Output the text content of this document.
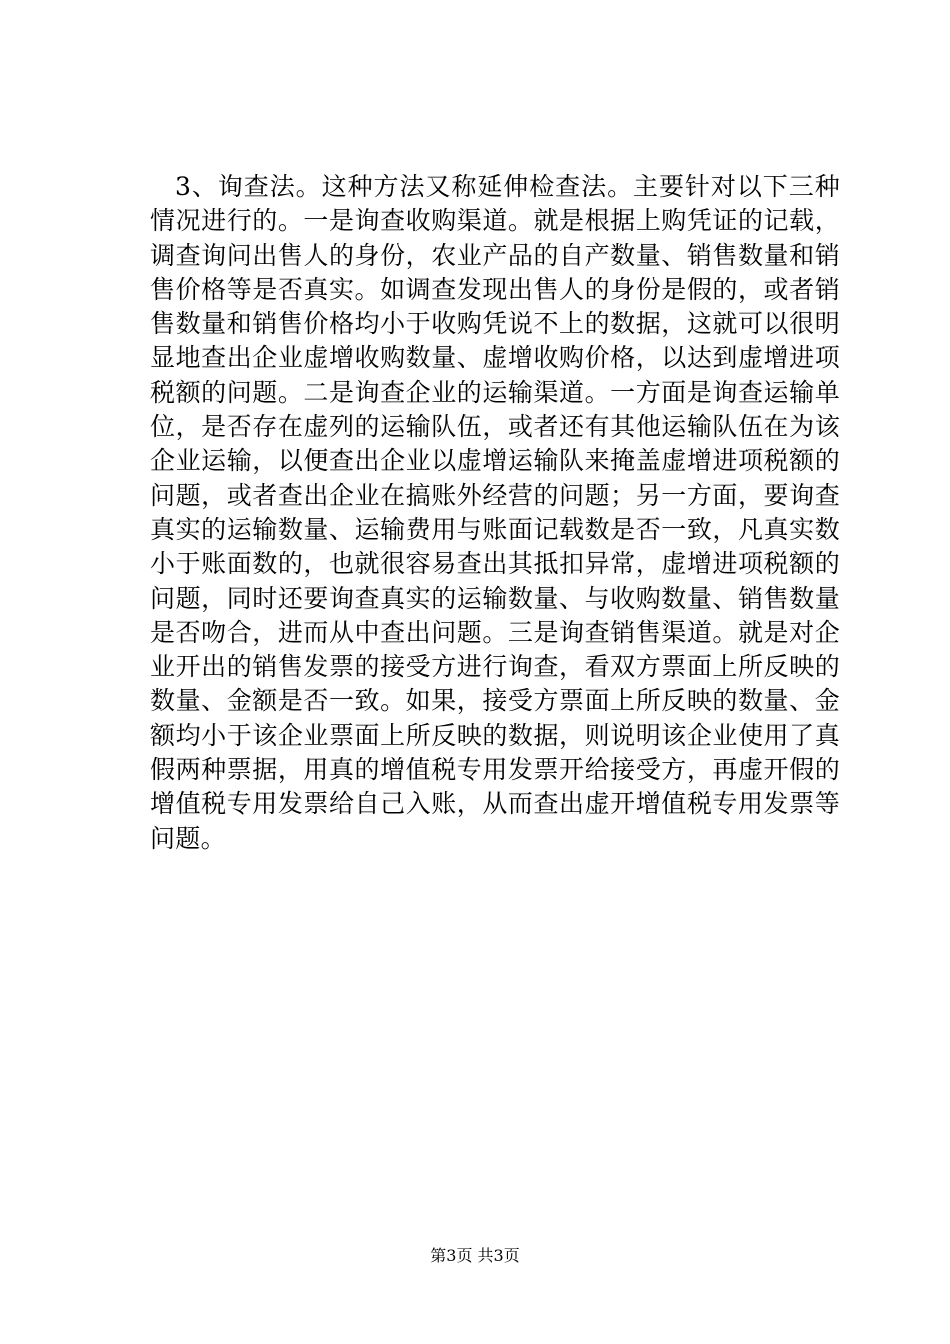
3、询查法。这种方法又称延伸检查法。主要针对以下三种情况进行的。一是询查收购渠道。就是根据上购凭证的记载，调查询问出售人的身份，农业产品的自产数量、销售数量和销售价格等是否真实。如调查发现出售人的身份是假的，或者销售数量和销售价格均小于收购凭说不上的数据，这就可以很明显地查出企业虚增收购数量、虚增收购价格，以达到虚增进项税额的问题。二是询查企业的运输渠道。一方面是询查运输单位，是否存在虚列的运输队伍，或者还有其他运输队伍在为该企业运输，以便查出企业以虚增运输队来掩盖虚增进项税额的问题，或者查出企业在搞账外经营的问题；另一方面，要询查真实的运输数量、运输费用与账面记载数是否一致，凡真实数小于账面数的，也就很容易查出其抵扣异常，虚增进项税额的问题，同时还要询查真实的运输数量、与收购数量、销售数量是否吻合，进而从中查出问题。三是询查销售渠道。就是对企业开出的销售发票的接受方进行询查，看双方票面上所反映的数量、金额是否一致。如果，接受方票面上所反映的数量、金额均小于该企业票面上所反映的数据，则说明该企业使用了真假两种票据，用真的增值税专用发票开给接受方，再虚开假的增值税专用发票给自己入账，从而查出虚开增值税专用发票等问题。

第3页 共3页
